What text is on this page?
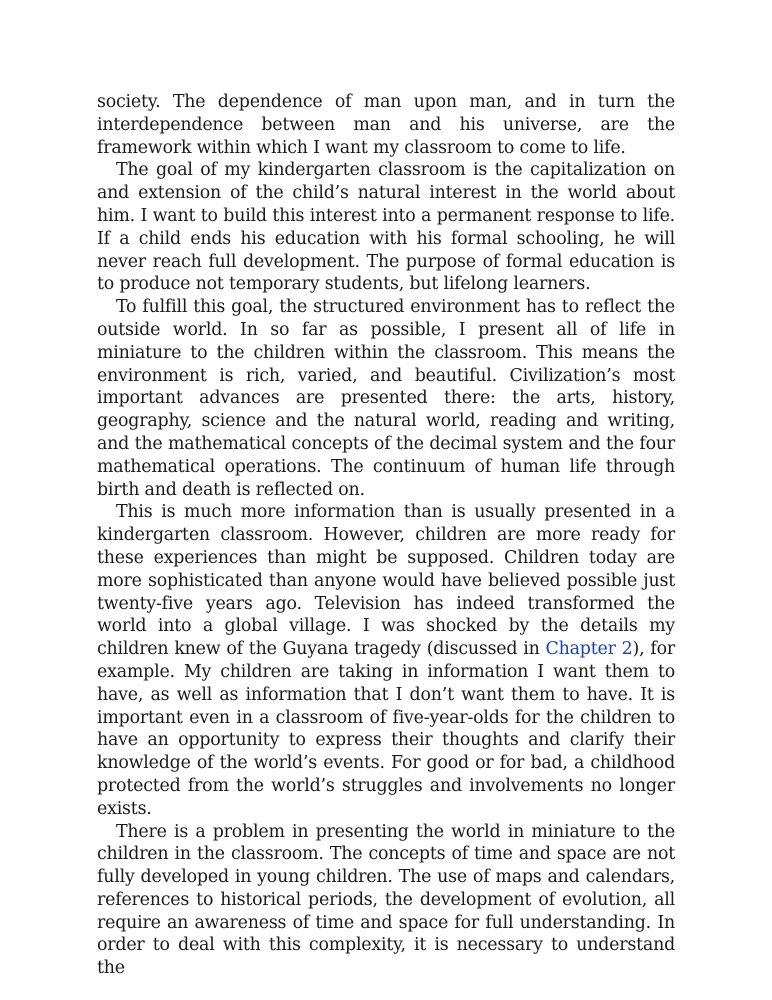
society. The dependence of man upon man, and in turn the interdependence between man and his universe, are the framework within which I want my classroom to come to life.

The goal of my kindergarten classroom is the capitalization on and extension of the child’s natural interest in the world about him. I want to build this interest into a permanent response to life. If a child ends his education with his formal schooling, he will never reach full development. The purpose of formal education is to produce not temporary students, but lifelong learners.

To fulfill this goal, the structured environment has to reflect the outside world. In so far as possible, I present all of life in miniature to the children within the classroom. This means the environment is rich, varied, and beautiful. Civilization’s most important advances are presented there: the arts, history, geography, science and the natural world, reading and writing, and the mathematical concepts of the decimal system and the four mathematical operations. The continuum of human life through birth and death is reflected on.

This is much more information than is usually presented in a kindergarten classroom. However, children are more ready for these experiences than might be supposed. Children today are more sophisticated than anyone would have believed possible just twenty-five years ago. Television has indeed transformed the world into a global village. I was shocked by the details my children knew of the Guyana tragedy (discussed in Chapter 2), for example. My children are taking in information I want them to have, as well as information that I don’t want them to have. It is important even in a classroom of five-year-olds for the children to have an opportunity to express their thoughts and clarify their knowledge of the world’s events. For good or for bad, a childhood protected from the world’s struggles and involvements no longer exists.

There is a problem in presenting the world in miniature to the children in the classroom. The concepts of time and space are not fully developed in young children. The use of maps and calendars, references to historical periods, the development of evolution, all require an awareness of time and space for full understanding. In order to deal with this complexity, it is necessary to understand the
